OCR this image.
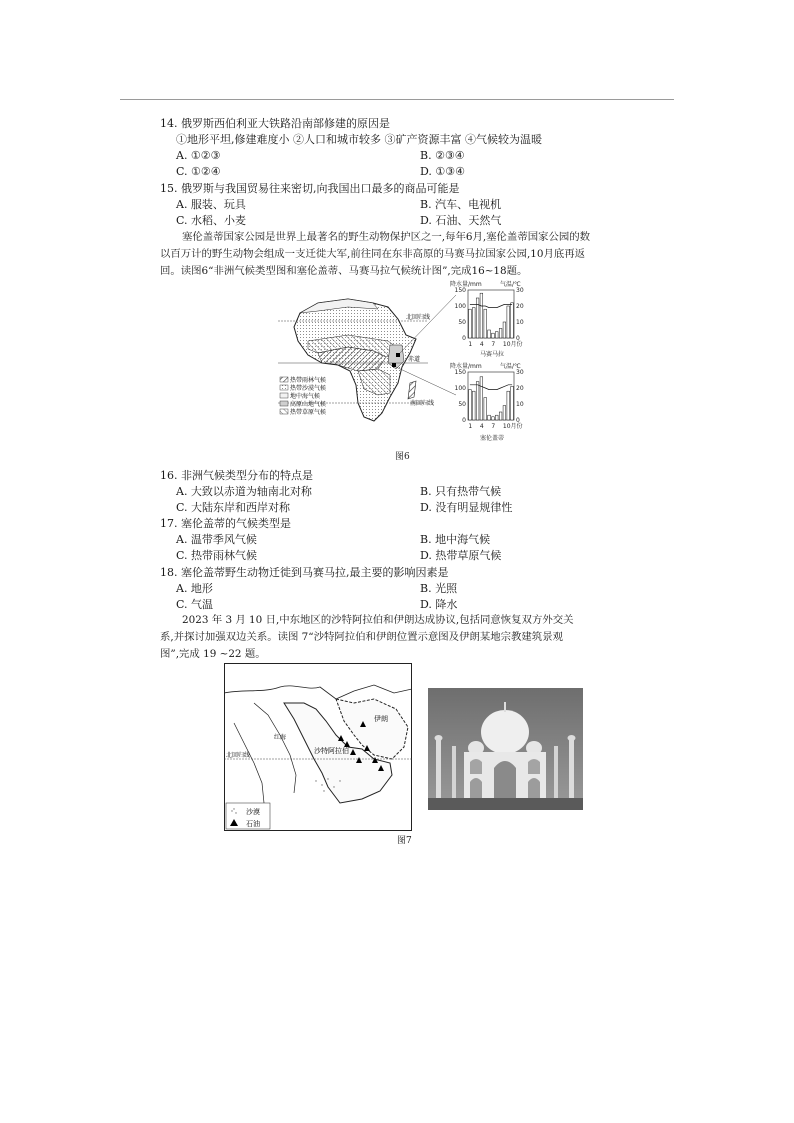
14. 俄罗斯西伯利亚大铁路沿南部修建的原因是
①地形平坦,修建难度小 ②人口和城市较多 ③矿产资源丰富 ④气候较为温暖
A. ①②③	B. ②③④
C. ①②④	D. ①③④
15. 俄罗斯与我国贸易往来密切,向我国出口最多的商品可能是
A. 服装、玩具	B. 汽车、电视机
C. 水稻、小麦	D. 石油、天然气
塞伦盖蒂国家公园是世界上最著名的野生动物保护区之一,每年6月,塞伦盖蒂国家公园的数
以百万计的野生动物会组成一支迁徙大军,前往同在东非高原的马赛马拉国家公园,10月底再返
回。读图6“非洲气候类型图和塞伦盖蒂、马赛马拉气候统计图”,完成16~18题。
北回归线
赤道
南回归线
热带雨林气候
热带沙漠气候
地中海气候
高原山地气候
热带草原气候
降水量/mm	气温/℃
150
100
50
0
30
20
10
0
1 4 7 10月份
马赛马拉
降水量/mm	气温/℃
150
100
50
0
30
20
10
0
1 4 7 10月份
塞伦盖蒂
图6
16. 非洲气候类型分布的特点是
A. 大致以赤道为轴南北对称	B. 只有热带气候
C. 大陆东岸和西岸对称	D. 没有明显规律性
17. 塞伦盖蒂的气候类型是
A. 温带季风气候	B. 地中海气候
C. 热带雨林气候	D. 热带草原气候
18. 塞伦盖蒂野生动物迁徙到马赛马拉,最主要的影响因素是
A. 地形	B. 光照
C. 气温	D. 降水
2023 年 3 月 10 日,中东地区的沙特阿拉伯和伊朗达成协议,包括同意恢复双方外交关
系,并探讨加强双边关系。读图 7“沙特阿拉伯和伊朗位置示意图及伊朗某地宗教建筑景观
图”,完成 19 ~22 题。
伊朗
沙特阿拉伯
北回归线
红海
沙漠
石油
图7
